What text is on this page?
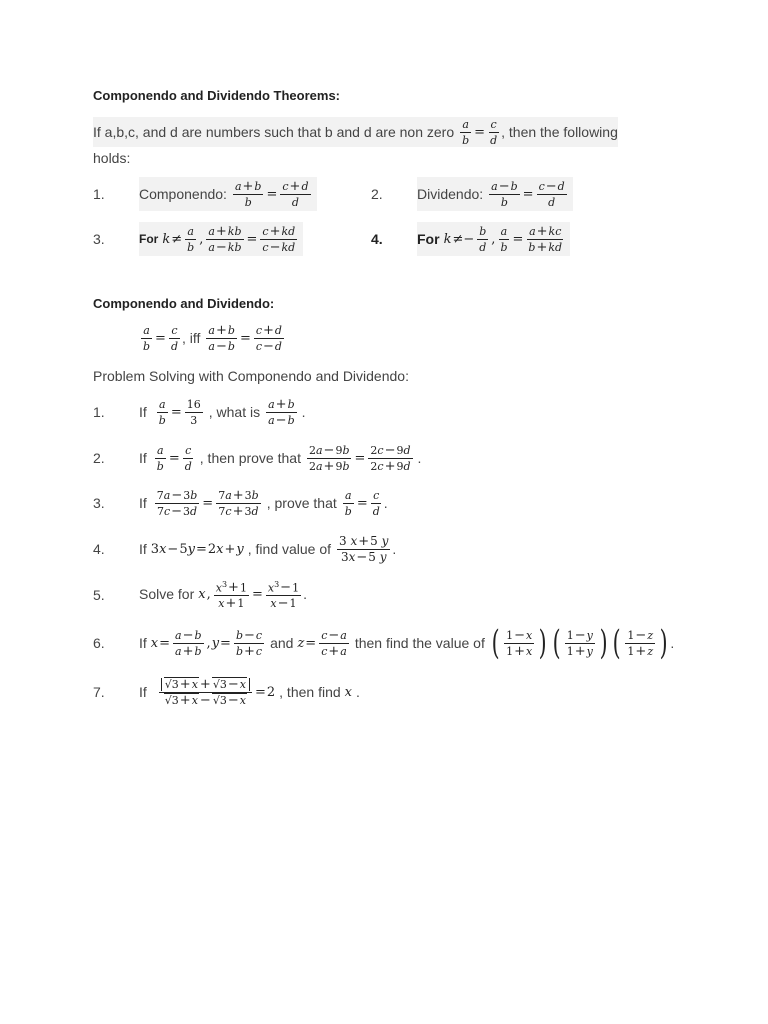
Componendo and Dividendo Theorems:
If a,b,c, and d are numbers such that b and d are non zero $\frac{a}{b} = \frac{c}{d}$ , then the following
holds:
1. Componendo: $\frac{a+b}{b} = \frac{c+d}{d}$	2. Dividendo: $\frac{a-b}{b} = \frac{c-d}{d}$
3.	For $k \ne \frac{a}{b}$ , $\frac{a+kb}{a-kb} = \frac{c+kd}{c-kd}$	4. For $k \ne- \frac{b}{d}$ , $\frac{a}{b} = \frac{a+kc}{b+kd}$
Componendo and Dividendo:
$\frac{a}{b} = \frac{c}{d}$ , iff $\frac{a+b}{a-b} = \frac{c+d}{c-d}$
Problem Solving with Componendo and Dividendo:
1. If $\frac{a}{b} = \frac{16}{3}$ , what is $\frac{a+b}{a-b}$ .
2. If $\frac{a}{b} = \frac{c}{d}$ , then prove that $\frac{2a-9b}{2a+9b} = \frac{2c-9d}{2c+9d}$ .
3. If $\frac{7a-3b}{7c-3d} = \frac{7a+3b}{7c+3d}$ , prove that $\frac{a}{b} = \frac{c}{d}$ .
4. If 3 x − 5 y = 2 x + y , find value of $\frac{3 x+5 y}{3x-5 y}$ .
5. Solve for x , $\frac{x^3+1}{x+1} = \frac{x^3-1}{x-1}$ .
6. If $x = \frac{a-b}{a+b}$ , $y = \frac{b-c}{b+c}$ and $z = \frac{c-a}{c+a}$ then find the value of ( $\frac{1-x}{1+x}$ ) ( $\frac{1-y}{1+y}$ ) ( $\frac{1-z}{1+z}$ ) .
7. If √ 3+x + √ 3−x
√ 3+x − √ 3−x = 2 , then find x .
